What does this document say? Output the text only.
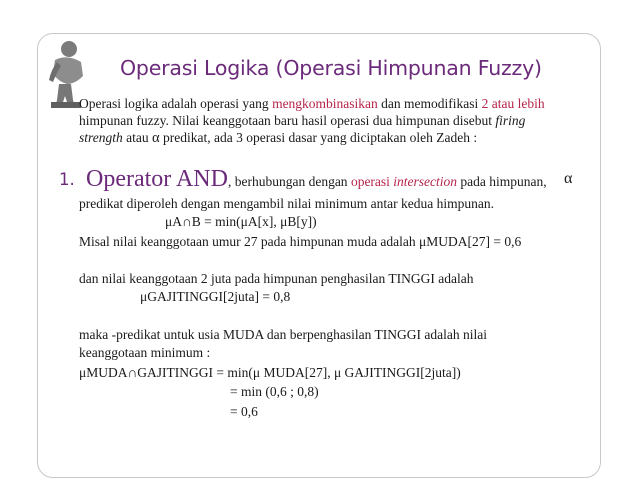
Operasi Logika (Operasi Himpunan Fuzzy)
Operasi logika adalah operasi yang mengkombinasikan dan memodifikasi 2 atau lebih
himpunan fuzzy. Nilai keanggotaan baru hasil operasi dua himpunan disebut firing
strength atau α predikat, ada 3 operasi dasar yang diciptakan oleh Zadeh :
1. Operator AND, berhubungan dengan operasi intersection pada himpunan, α
predikat diperoleh dengan mengambil nilai minimum antar kedua himpunan.
μA∩B = min(μA[x], μB[y])
Misal nilai keanggotaan umur 27 pada himpunan muda adalah μMUDA[27] = 0,6
dan nilai keanggotaan 2 juta pada himpunan penghasilan TINGGI adalah
μGAJITINGGI[2juta] = 0,8
maka -predikat untuk usia MUDA dan berpenghasilan TINGGI adalah nilai
keanggotaan minimum :
μMUDA∩GAJITINGGI = min(μ MUDA[27], μ GAJITINGGI[2juta])
= min (0,6 ; 0,8)
= 0,6
